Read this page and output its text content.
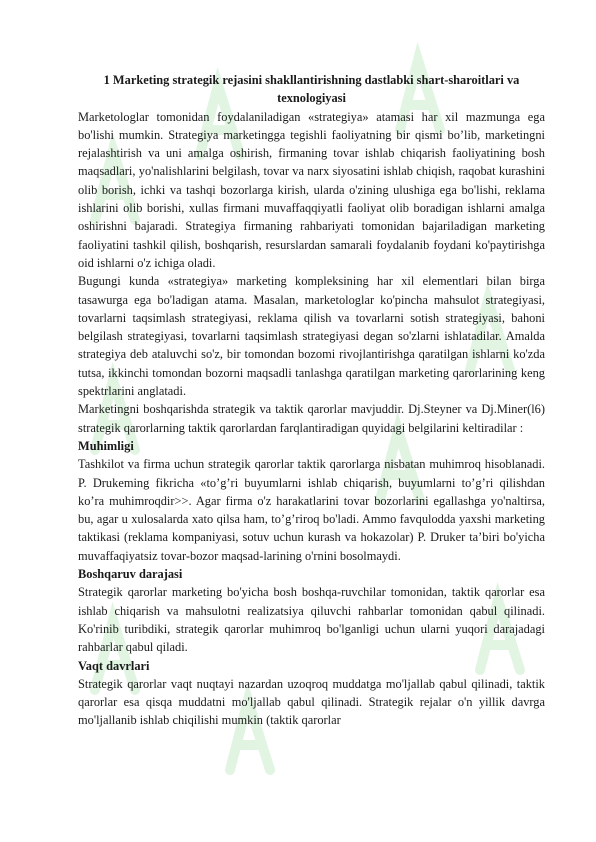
1 Marketing strategik rejasini shakllantirishning dastlabki shart-sharoitlari va texnologiyasi

Marketologlar tomonidan foydalaniladigan «strategiya» atamasi har xil mazmunga ega bo'lishi mumkin. Strategiya marketingga tegishli faoliyatning bir qismi bo’lib, marketingni rejalashtirish va uni amalga oshirish, firmaning tovar ishlab chiqarish faoliyatining bosh maqsadlari, yo'nalishlarini belgilash, tovar va narx siyosatini ishlab chiqish, raqobat kurashini olib borish, ichki va tashqi bozorlarga kirish, ularda o'zining ulushiga ega bo'lishi, reklama ishlarini olib borishi, xullas firmani muvaffaqqiyatli faoliyat olib boradigan ishlarni amalga oshirishni bajaradi. Strategiya firmaning rahbariyati tomonidan bajariladigan marketing faoliyatini tashkil qilish, boshqarish, resurslardan samarali foydalanib foydani ko'paytirishga oid ishlarni o'z ichiga oladi.

Bugungi kunda «strategiya» marketing kompleksining har xil elementlari bilan birga tasawurga ega bo'ladigan atama. Masalan, marketologlar ko'pincha mahsulot strategiyasi, tovarlarni taqsimlash strategiyasi, reklama qilish va tovarlarni sotish strategiyasi, bahoni belgilash strategiyasi, tovarlarni taqsimlash strategiyasi degan so'zlarni ishlatadilar. Amalda strategiya deb ataluvchi so'z, bir tomondan bozomi rivojlantirishga qaratilgan ishlarni ko'zda tutsa, ikkinchi tomondan bozorni maqsadli tanlashga qaratilgan marketing qarorlarining keng spektrlarini anglatadi.

Marketingni boshqarishda strategik va taktik qarorlar mavjuddir. Dj.Steyner va Dj.Miner(l6) strategik qarorlarning taktik qarorlardan farqlantiradigan quyidagi belgilarini keltiradilar :

Muhimligi

Tashkilot va firma uchun strategik qarorlar taktik qarorlarga nisbatan muhimroq hisoblanadi. P. Drukeming fikricha «to’g’ri buyumlarni ishlab chiqarish, buyumlarni to’g’ri qilishdan ko’ra muhimroqdir>>. Agar firma o'z harakatlarini tovar bozorlarini egallashga yo'naltirsa, bu, agar u xulosalarda xato qilsa ham, to’g’riroq bo'ladi. Ammo favqulodda yaxshi marketing taktikasi (reklama kompaniyasi, sotuv uchun kurash va hokazolar) P. Druker ta’biri bo'yicha muvaffaqiyatsiz tovar-bozor maqsad-larining o'rnini bosolmaydi.

Boshqaruv darajasi

Strategik qarorlar marketing bo'yicha bosh boshqa-ruvchilar tomonidan, taktik qarorlar esa ishlab chiqarish va mahsulotni realizatsiya qiluvchi rahbarlar tomonidan qabul qilinadi. Ko'rinib turibdiki, strategik qarorlar muhimroq bo'lganligi uchun ularni yuqori darajadagi rahbarlar qabul qiladi.

Vaqt davrlari

Strategik qarorlar vaqt nuqtayi nazardan uzoqroq muddatga mo'ljallab qabul qilinadi, taktik qarorlar esa qisqa muddatni mo'ljallab qabul qilinadi. Strategik rejalar o'n yillik davrga mo'ljallanib ishlab chiqilishi mumkin (taktik qarorlar
